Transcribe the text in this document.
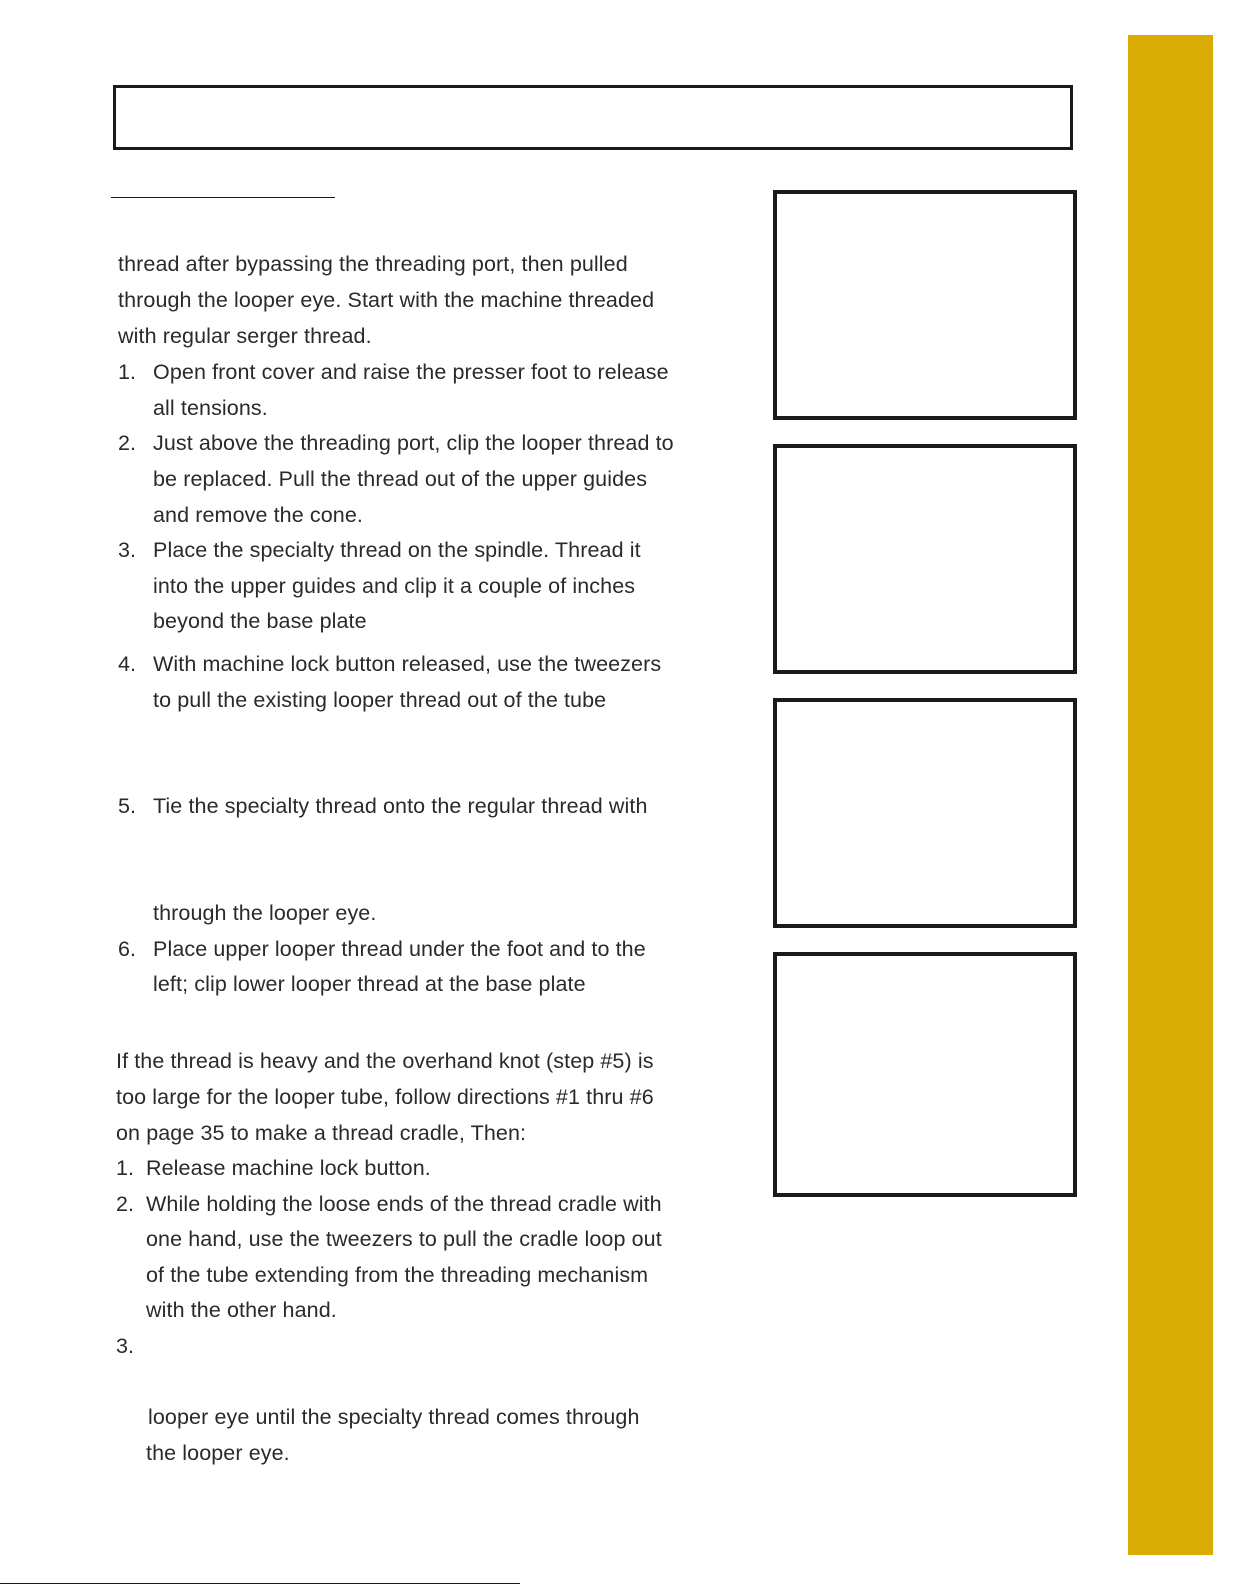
thread after bypassing the threading port, then pulled
through the looper eye. Start with the machine threaded
with regular serger thread.
1. Open front cover and raise the presser foot to release
all tensions.
2. Just above the threading port, clip the looper thread to
be replaced. Pull the thread out of the upper guides
and remove the cone.
3. Place the specialty thread on the spindle. Thread it
into the upper guides and clip it a couple of inches
beyond the base plate
4. With machine lock button released, use the tweezers
to pull the existing looper thread out of the tube
5. Tie the specialty thread onto the regular thread with
through the looper eye.
6. Place upper looper thread under the foot and to the
left; clip lower looper thread at the base plate
If the thread is heavy and the overhand knot (step #5) is
too large for the looper tube, follow directions #1 thru #6
on page 35 to make a thread cradle, Then:
1. Release machine lock button.
2. While holding the loose ends of the thread cradle with
one hand, use the tweezers to pull the cradle loop out
of the tube extending from the threading mechanism
with the other hand.
3.
looper eye until the specialty thread comes through
the looper eye.
